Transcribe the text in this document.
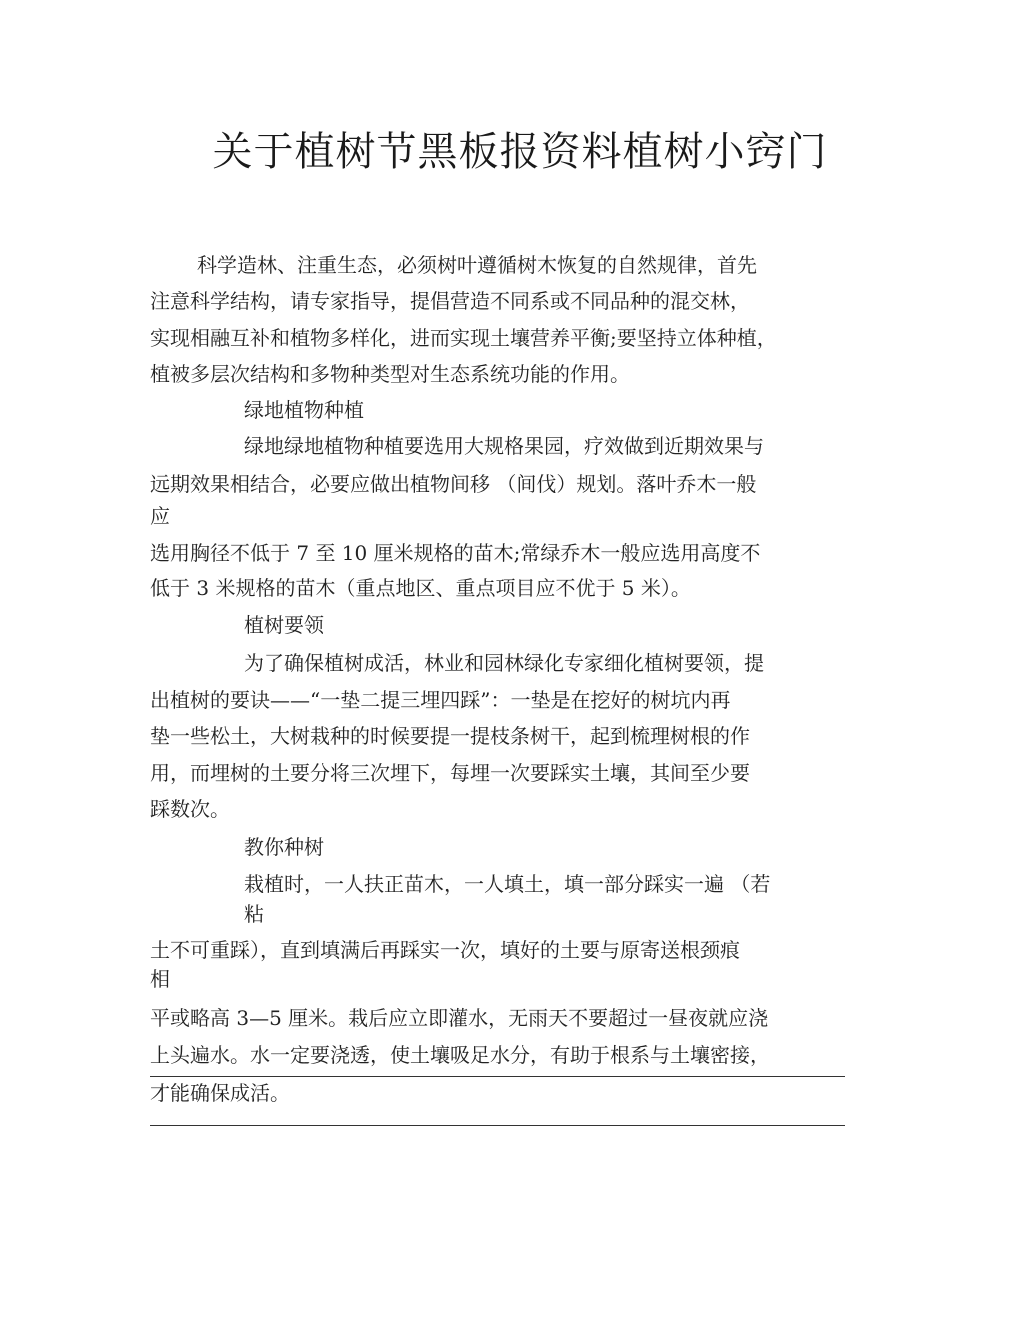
关于植树节黑板报资料植树小窍门
科学造林、注重生态，必须树叶遵循树木恢复的自然规律，首先
注意科学结构，请专家指导，提倡营造不同系或不同品种的混交林，
实现相融互补和植物多样化，进而实现土壤营养平衡;要坚持立体种植，
植被多层次结构和多物种类型对生态系统功能的作用。
绿地植物种植
绿地绿地植物种植要选用大规格果园，疗效做到近期效果与
远期效果相结合，必要应做出植物间移 （间伐）规划。落叶乔木一般
应
选用胸径不低于 7 至 10 厘米规格的苗木;常绿乔木一般应选用高度不
低于 3 米规格的苗木（重点地区、重点项目应不优于 5 米）。
植树要领
为了确保植树成活，林业和园林绿化专家细化植树要领，提
出植树的要诀——“一垫二提三埋四踩”：一垫是在挖好的树坑内再
垫一些松土，大树栽种的时候要提一提枝条树干，起到梳理树根的作
用，而埋树的土要分将三次埋下，每埋一次要踩实土壤，其间至少要
踩数次。
教你种树
栽植时，一人扶正苗木，一人填土，填一部分踩实一遍 （若
粘
土不可重踩），直到填满后再踩实一次，填好的土要与原寄送根颈痕
相
平或略高 3—5 厘米。栽后应立即灌水，无雨天不要超过一昼夜就应浇
上头遍水。水一定要浇透，使土壤吸足水分，有助于根系与土壤密接，
才能确保成活。
